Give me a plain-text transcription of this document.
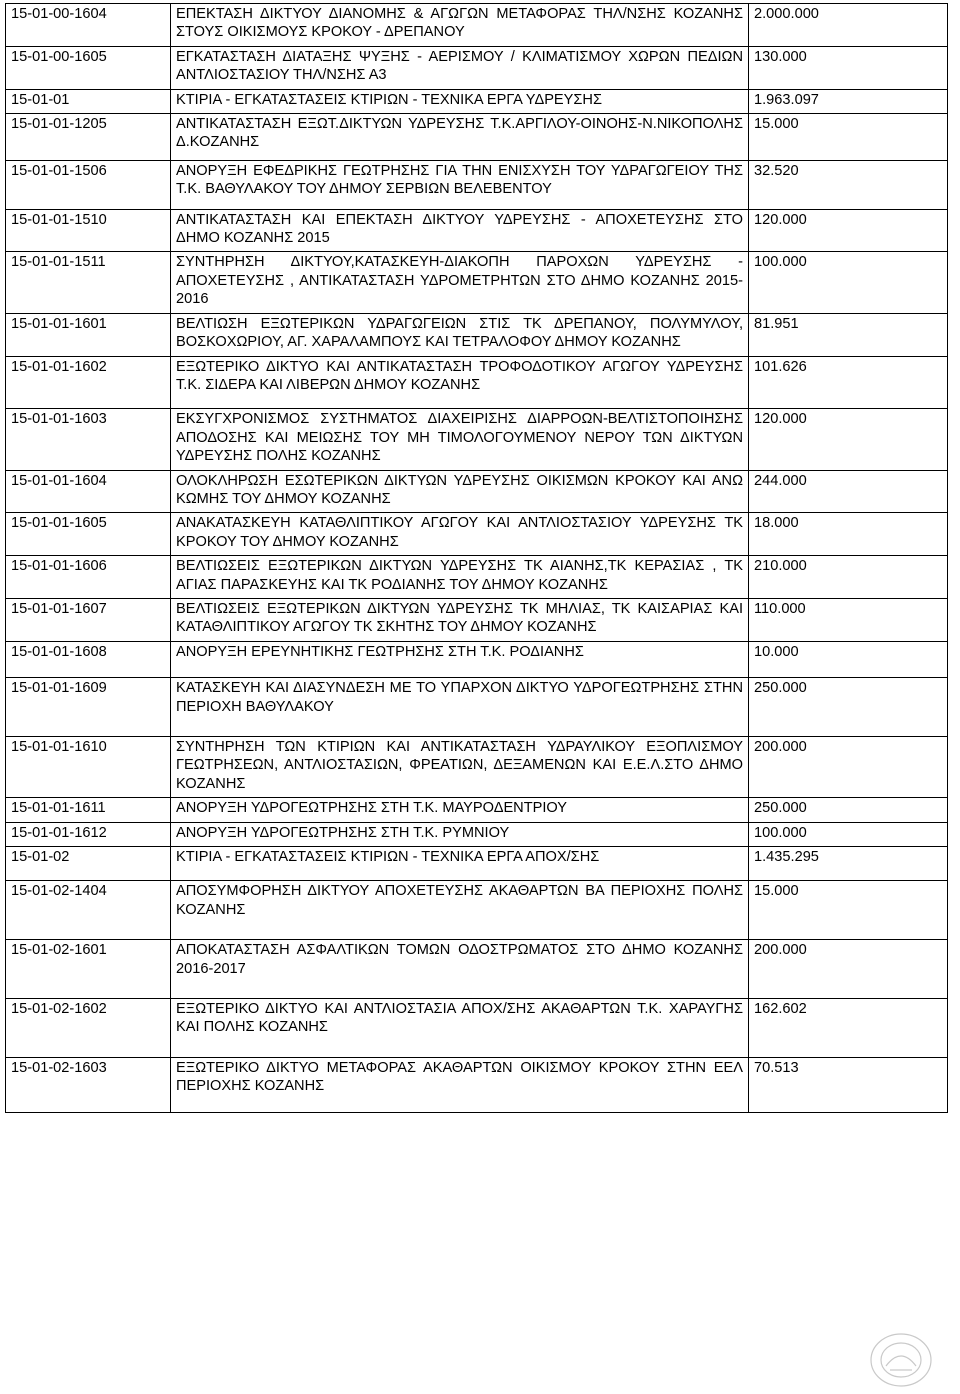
15-01-00-1604	ΕΠΕΚΤΑΣΗ ΔΙΚΤΥΟΥ ΔΙΑΝΟΜΗΣ & ΑΓΩΓΩΝ ΜΕΤΑΦΟΡΑΣ ΤΗΛ/ΝΣΗΣ ΚΟΖΑΝΗΣ ΣΤΟΥΣ ΟΙΚΙΣΜΟΥΣ ΚΡΟΚΟΥ - ΔΡΕΠΑΝΟΥ	2.000.000
15-01-00-1605	ΕΓΚΑΤΑΣΤΑΣΗ ΔΙΑΤΑΞΗΣ ΨΥΞΗΣ - ΑΕΡΙΣΜΟΥ / ΚΛΙΜΑΤΙΣΜΟΥ ΧΩΡΩΝ ΠΕΔΙΩΝ ΑΝΤΛΙΟΣΤΑΣΙΟΥ ΤΗΛ/ΝΣΗΣ Α3	130.000
15-01-01	ΚΤΙΡΙΑ - ΕΓΚΑΤΑΣΤΑΣΕΙΣ ΚΤΙΡΙΩΝ - ΤΕΧΝΙΚΑ ΕΡΓΑ ΥΔΡΕΥΣΗΣ	1.963.097
15-01-01-1205	ΑΝΤΙΚΑΤΑΣΤΑΣΗ ΕΞΩΤ.ΔΙΚΤΥΩΝ ΥΔΡΕΥΣΗΣ Τ.Κ.ΑΡΓΙΛΟΥ-ΟΙΝΟΗΣ-Ν.ΝΙΚΟΠΟΛΗΣ Δ.ΚΟΖΑΝΗΣ	15.000
15-01-01-1506	ΑΝΟΡΥΞΗ ΕΦΕΔΡΙΚΗΣ ΓΕΩΤΡΗΣΗΣ ΓΙΑ ΤΗΝ ΕΝΙΣΧΥΣΗ ΤΟΥ ΥΔΡΑΓΩΓΕΙΟΥ ΤΗΣ Τ.Κ. ΒΑΘΥΛΑΚΟΥ ΤΟΥ ΔΗΜΟΥ ΣΕΡΒΙΩΝ ΒΕΛΕΒΕΝΤΟΥ	32.520
15-01-01-1510	ΑΝΤΙΚΑΤΑΣΤΑΣΗ ΚΑΙ ΕΠΕΚΤΑΣΗ ΔΙΚΤΥΟΥ ΥΔΡΕΥΣΗΣ - ΑΠΟΧΕΤΕΥΣΗΣ ΣΤΟ ΔΗΜΟ ΚΟΖΑΝΗΣ 2015	120.000
15-01-01-1511	ΣΥΝΤΗΡΗΣΗ ΔΙΚΤΥΟΥ,ΚΑΤΑΣΚΕΥΗ-ΔΙΑΚΟΠΗ ΠΑΡΟΧΩΝ ΥΔΡΕΥΣΗΣ - ΑΠΟΧΕΤΕΥΣΗΣ , ΑΝΤΙΚΑΤΑΣΤΑΣΗ ΥΔΡΟΜΕΤΡΗΤΩΝ ΣΤΟ ΔΗΜΟ ΚΟΖΑΝΗΣ 2015-2016	100.000
15-01-01-1601	ΒΕΛΤΙΩΣΗ ΕΞΩΤΕΡΙΚΩΝ ΥΔΡΑΓΩΓΕΙΩΝ ΣΤΙΣ ΤΚ ΔΡΕΠΑΝΟΥ, ΠΟΛΥΜΥΛΟΥ, ΒΟΣΚΟΧΩΡΙΟΥ, ΑΓ. ΧΑΡΑΛΑΜΠΟΥΣ ΚΑΙ ΤΕΤΡΑΛΟΦΟΥ ΔΗΜΟΥ ΚΟΖΑΝΗΣ	81.951
15-01-01-1602	ΕΞΩΤΕΡΙΚΟ ΔΙΚΤΥΟ ΚΑΙ ΑΝΤΙΚΑΤΑΣΤΑΣΗ ΤΡΟΦΟΔΟΤΙΚΟΥ ΑΓΩΓΟΥ ΥΔΡΕΥΣΗΣ Τ.Κ. ΣΙΔΕΡΑ ΚΑΙ ΛΙΒΕΡΩΝ ΔΗΜΟΥ ΚΟΖΑΝΗΣ	101.626
15-01-01-1603	ΕΚΣΥΓΧΡΟΝΙΣΜΟΣ ΣΥΣΤΗΜΑΤΟΣ ΔΙΑΧΕΙΡΙΣΗΣ ΔΙΑΡΡΟΩΝ-ΒΕΛΤΙΣΤΟΠΟΙΗΣΗΣ ΑΠΟΔΟΣΗΣ ΚΑΙ ΜΕΙΩΣΗΣ ΤΟΥ ΜΗ ΤΙΜΟΛΟΓΟΥΜΕΝΟΥ ΝΕΡΟΥ ΤΩΝ ΔΙΚΤΥΩΝ ΥΔΡΕΥΣΗΣ ΠΟΛΗΣ ΚΟΖΑΝΗΣ	120.000
15-01-01-1604	ΟΛΟΚΛΗΡΩΣΗ ΕΣΩΤΕΡΙΚΩΝ ΔΙΚΤΥΩΝ ΥΔΡΕΥΣΗΣ ΟΙΚΙΣΜΩΝ ΚΡΟΚΟΥ ΚΑΙ ΑΝΩ ΚΩΜΗΣ ΤΟΥ ΔΗΜΟΥ ΚΟΖΑΝΗΣ	244.000
15-01-01-1605	ΑΝΑΚΑΤΑΣΚΕΥΗ ΚΑΤΑΘΛΙΠΤΙΚΟΥ ΑΓΩΓΟΥ ΚΑΙ ΑΝΤΛΙΟΣΤΑΣΙΟΥ ΥΔΡΕΥΣΗΣ ΤΚ ΚΡΟΚΟΥ ΤΟΥ ΔΗΜΟΥ ΚΟΖΑΝΗΣ	18.000
15-01-01-1606	ΒΕΛΤΙΩΣΕΙΣ ΕΞΩΤΕΡΙΚΩΝ ΔΙΚΤΥΩΝ ΥΔΡΕΥΣΗΣ ΤΚ ΑΙΑΝΗΣ,ΤΚ ΚΕΡΑΣΙΑΣ , ΤΚ ΑΓΙΑΣ ΠΑΡΑΣΚΕΥΗΣ ΚΑΙ ΤΚ ΡΟΔΙΑΝΗΣ ΤΟΥ ΔΗΜΟΥ ΚΟΖΑΝΗΣ	210.000
15-01-01-1607	ΒΕΛΤΙΩΣΕΙΣ ΕΞΩΤΕΡΙΚΩΝ ΔΙΚΤΥΩΝ ΥΔΡΕΥΣΗΣ ΤΚ ΜΗΛΙΑΣ, ΤΚ ΚΑΙΣΑΡΙΑΣ ΚΑΙ ΚΑΤΑΘΛΙΠΤΙΚΟΥ ΑΓΩΓΟΥ ΤΚ ΣΚΗΤΗΣ ΤΟΥ ΔΗΜΟΥ ΚΟΖΑΝΗΣ	110.000
15-01-01-1608	ΑΝΟΡΥΞΗ ΕΡΕΥΝΗΤΙΚΗΣ ΓΕΩΤΡΗΣΗΣ ΣΤΗ Τ.Κ. ΡΟΔΙΑΝΗΣ	10.000
15-01-01-1609	ΚΑΤΑΣΚΕΥΗ ΚΑΙ ΔΙΑΣΥΝΔΕΣΗ ΜΕ ΤΟ ΥΠΑΡΧΟΝ ΔΙΚΤΥΟ ΥΔΡΟΓΕΩΤΡΗΣΗΣ ΣΤΗΝ ΠΕΡΙΟΧΗ ΒΑΘΥΛΑΚΟΥ	250.000
15-01-01-1610	ΣΥΝΤΗΡΗΣΗ ΤΩΝ ΚΤΙΡΙΩΝ ΚΑΙ ΑΝΤΙΚΑΤΑΣΤΑΣΗ ΥΔΡΑΥΛΙΚΟΥ ΕΞΟΠΛΙΣΜΟΥ ΓΕΩΤΡΗΣΕΩΝ, ΑΝΤΛΙΟΣΤΑΣΙΩΝ, ΦΡΕΑΤΙΩΝ, ΔΕΞΑΜΕΝΩΝ ΚΑΙ Ε.Ε.Λ.ΣΤΟ ΔΗΜΟ ΚΟΖΑΝΗΣ	200.000
15-01-01-1611	ΑΝΟΡΥΞΗ ΥΔΡΟΓΕΩΤΡΗΣΗΣ ΣΤΗ Τ.Κ. ΜΑΥΡΟΔΕΝΤΡΙΟΥ	250.000
15-01-01-1612	ΑΝΟΡΥΞΗ ΥΔΡΟΓΕΩΤΡΗΣΗΣ ΣΤΗ Τ.Κ. ΡΥΜΝΙΟΥ	100.000
15-01-02	ΚΤΙΡΙΑ - ΕΓΚΑΤΑΣΤΑΣΕΙΣ ΚΤΙΡΙΩΝ - ΤΕΧΝΙΚΑ ΕΡΓΑ ΑΠΟΧ/ΣΗΣ	1.435.295
15-01-02-1404	ΑΠΟΣΥΜΦΟΡΗΣΗ ΔΙΚΤΥΟΥ ΑΠΟΧΕΤΕΥΣΗΣ ΑΚΑΘΑΡΤΩΝ ΒΑ ΠΕΡΙΟΧΗΣ ΠΟΛΗΣ ΚΟΖΑΝΗΣ	15.000
15-01-02-1601	ΑΠΟΚΑΤΑΣΤΑΣΗ ΑΣΦΑΛΤΙΚΩΝ ΤΟΜΩΝ ΟΔΟΣΤΡΩΜΑΤΟΣ ΣΤΟ ΔΗΜΟ ΚΟΖΑΝΗΣ 2016-2017	200.000
15-01-02-1602	ΕΞΩΤΕΡΙΚΟ ΔΙΚΤΥΟ ΚΑΙ ΑΝΤΛΙΟΣΤΑΣΙΑ ΑΠΟΧ/ΣΗΣ ΑΚΑΘΑΡΤΩΝ Τ.Κ. ΧΑΡΑΥΓΗΣ ΚΑΙ ΠΟΛΗΣ ΚΟΖΑΝΗΣ	162.602
15-01-02-1603	ΕΞΩΤΕΡΙΚΟ ΔΙΚΤΥΟ ΜΕΤΑΦΟΡΑΣ ΑΚΑΘΑΡΤΩΝ ΟΙΚΙΣΜΟΥ ΚΡΟΚΟΥ ΣΤΗΝ ΕΕΛ ΠΕΡΙΟΧΗΣ ΚΟΖΑΝΗΣ	70.513
